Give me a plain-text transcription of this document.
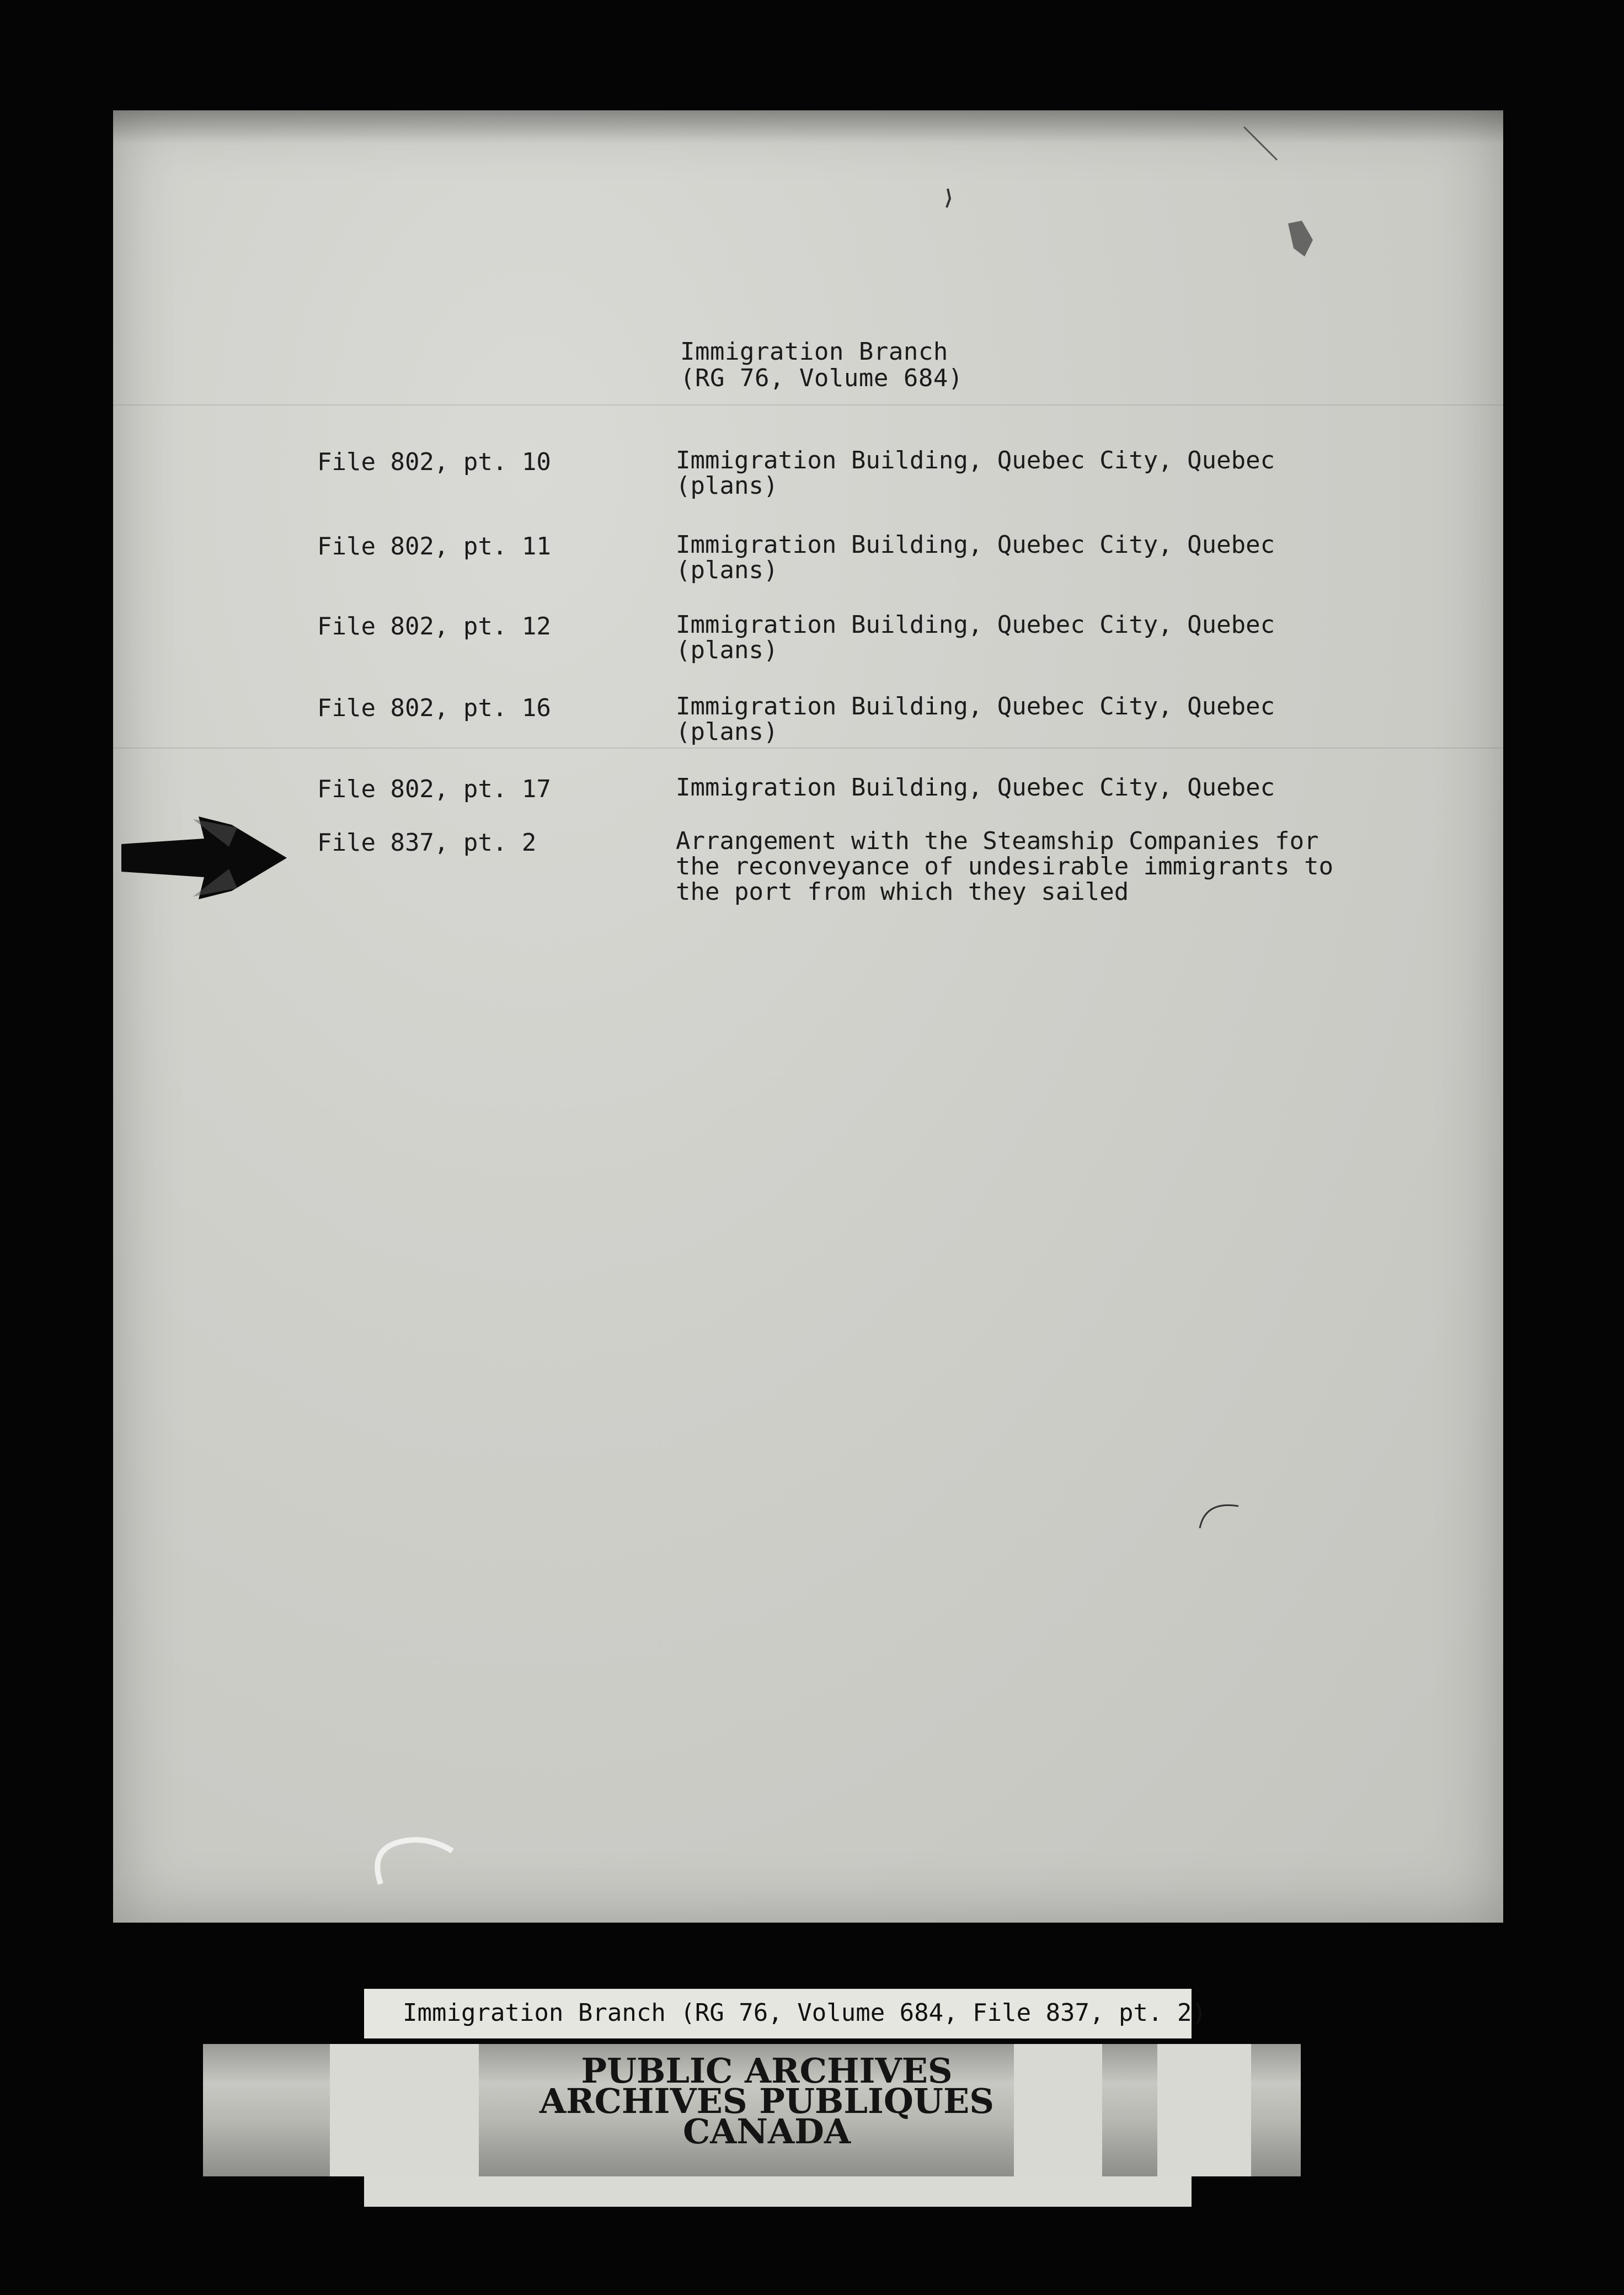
Immigration Branch
(RG 76, Volume 684)
File 802, pt. 10	Immigration Building, Quebec City, Quebec
(plans)
File 802, pt. 11	Immigration Building, Quebec City, Quebec
(plans)
File 802, pt. 12	Immigration Building, Quebec City, Quebec
(plans)
File 802, pt. 16	Immigration Building, Quebec City, Quebec
(plans)
File 802, pt. 17	Immigration Building, Quebec City, Quebec
File 837, pt. 2	Arrangement with the Steamship Companies for
the reconveyance of undesirable immigrants to
the port from which they sailed
Immigration Branch (RG 76, Volume 684, File 837, pt. 2)
PUBLIC ARCHIVES
ARCHIVES PUBLIQUES
CANADA
